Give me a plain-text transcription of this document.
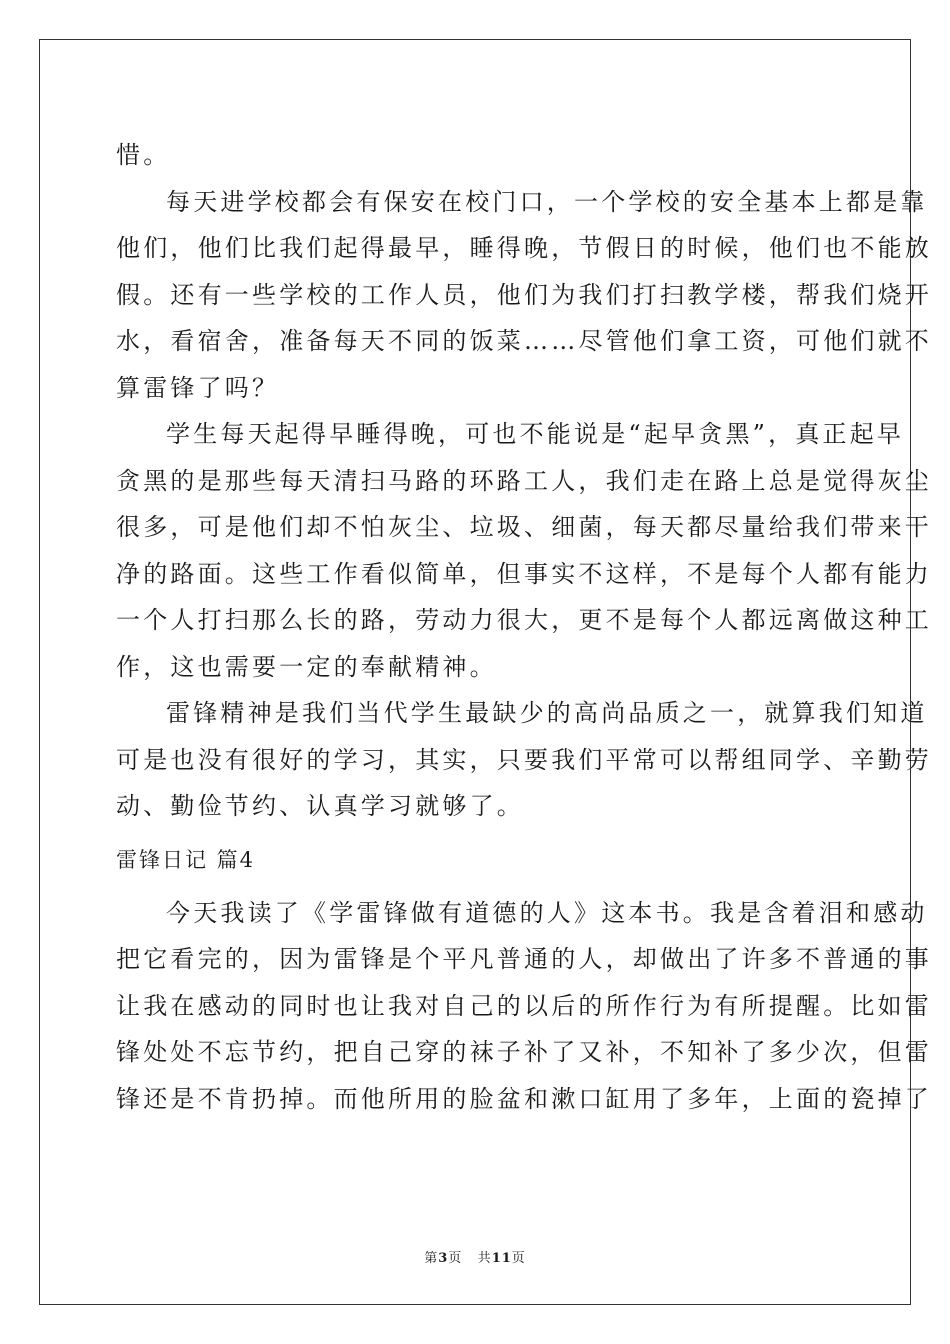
惜。
每天进学校都会有保安在校门口，一个学校的安全基本上都是靠
他们，他们比我们起得最早，睡得晚，节假日的时候，他们也不能放
假。还有一些学校的工作人员，他们为我们打扫教学楼，帮我们烧开
水，看宿舍，准备每天不同的饭菜……尽管他们拿工资，可他们就不
算雷锋了吗？
学生每天起得早睡得晚，可也不能说是“起早贪黑”，真正起早
贪黑的是那些每天清扫马路的环路工人，我们走在路上总是觉得灰尘
很多，可是他们却不怕灰尘、垃圾、细菌，每天都尽量给我们带来干
净的路面。这些工作看似简单，但事实不这样，不是每个人都有能力
一个人打扫那么长的路，劳动力很大，更不是每个人都远离做这种工
作，这也需要一定的奉献精神。
雷锋精神是我们当代学生最缺少的高尚品质之一，就算我们知道
可是也没有很好的学习，其实，只要我们平常可以帮组同学、辛勤劳
动、勤俭节约、认真学习就够了。
雷锋日记 篇4
今天我读了《学雷锋做有道德的人》这本书。我是含着泪和感动
把它看完的，因为雷锋是个平凡普通的人，却做出了许多不普通的事
让我在感动的同时也让我对自己的以后的所作行为有所提醒。比如雷
锋处处不忘节约，把自己穿的袜子补了又补，不知补了多少次，但雷
锋还是不肯扔掉。而他所用的脸盆和漱口缸用了多年，上面的瓷掉了
第3页 共11页
